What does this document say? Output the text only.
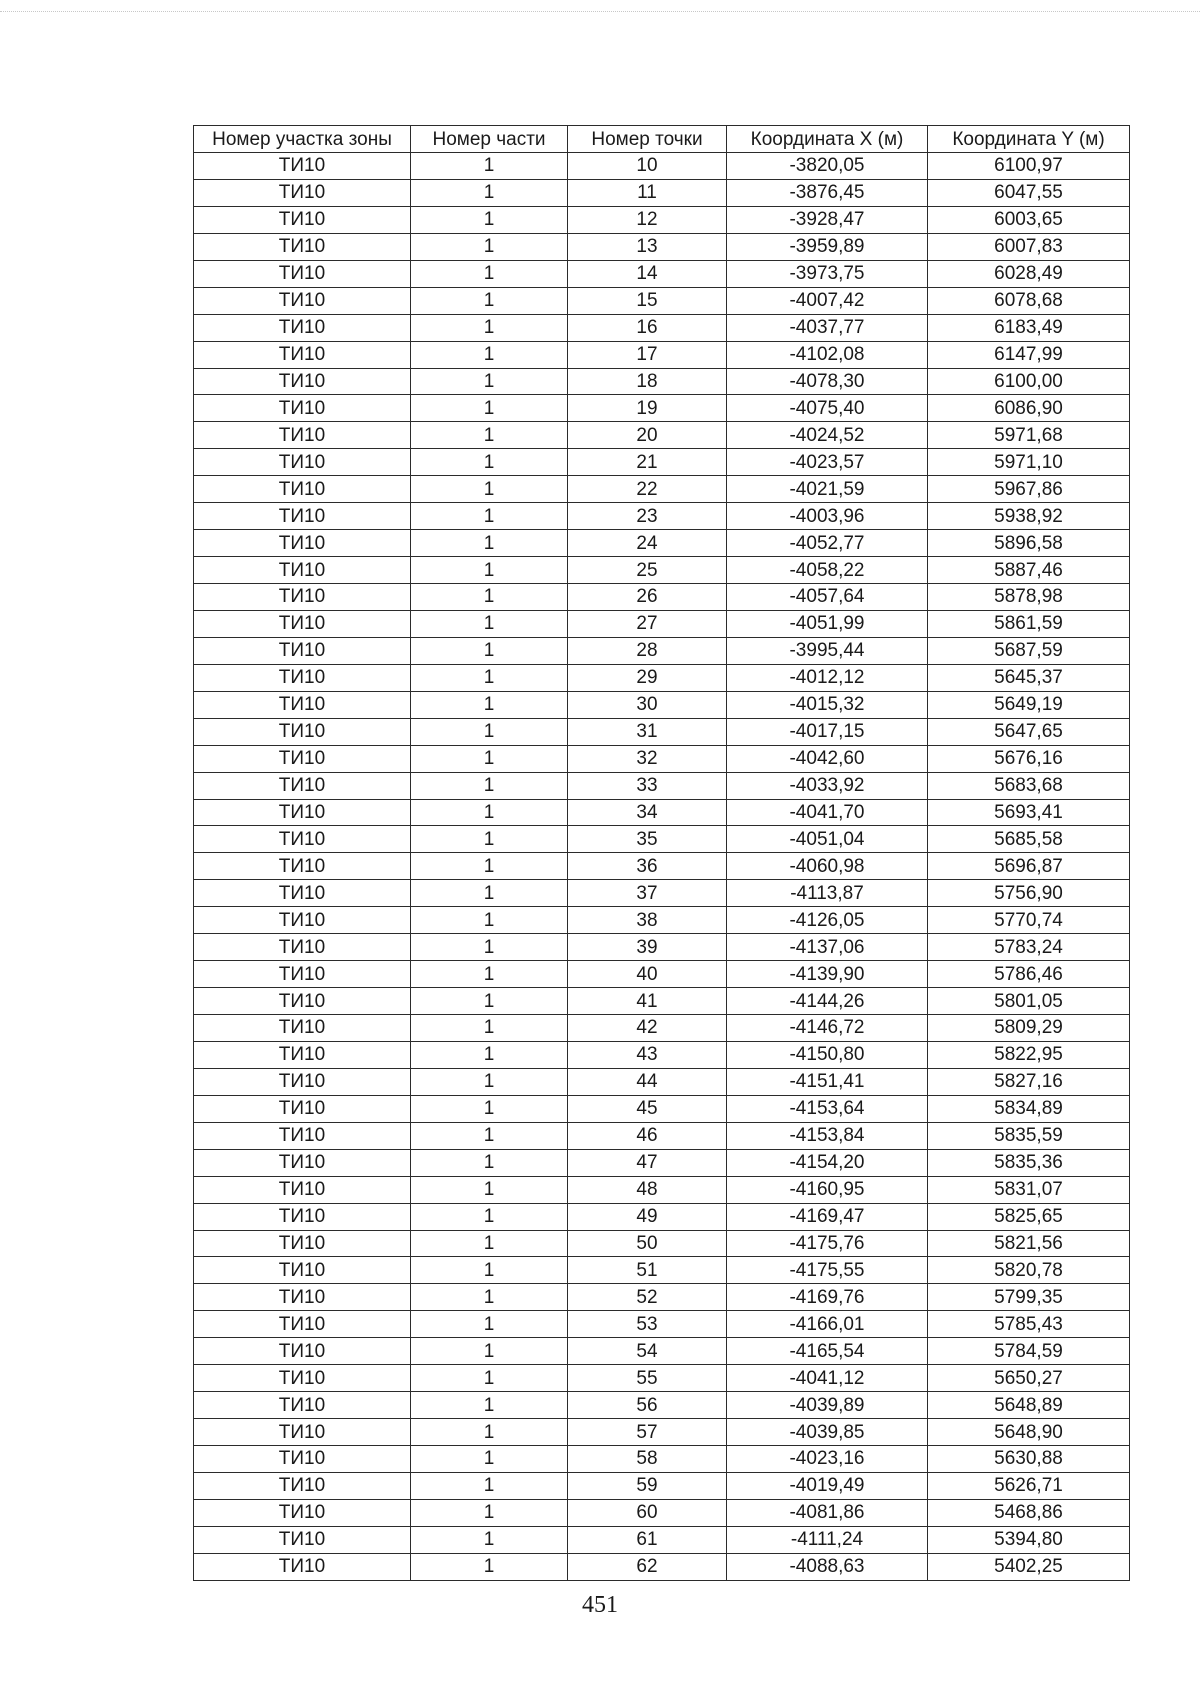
Номер участка зоны	Номер части	Номер точки	Координата X (м)	Координата Y (м)
ТИ10	1	10	-3820,05	6100,97
ТИ10	1	11	-3876,45	6047,55
ТИ10	1	12	-3928,47	6003,65
ТИ10	1	13	-3959,89	6007,83
ТИ10	1	14	-3973,75	6028,49
ТИ10	1	15	-4007,42	6078,68
ТИ10	1	16	-4037,77	6183,49
ТИ10	1	17	-4102,08	6147,99
ТИ10	1	18	-4078,30	6100,00
ТИ10	1	19	-4075,40	6086,90
ТИ10	1	20	-4024,52	5971,68
ТИ10	1	21	-4023,57	5971,10
ТИ10	1	22	-4021,59	5967,86
ТИ10	1	23	-4003,96	5938,92
ТИ10	1	24	-4052,77	5896,58
ТИ10	1	25	-4058,22	5887,46
ТИ10	1	26	-4057,64	5878,98
ТИ10	1	27	-4051,99	5861,59
ТИ10	1	28	-3995,44	5687,59
ТИ10	1	29	-4012,12	5645,37
ТИ10	1	30	-4015,32	5649,19
ТИ10	1	31	-4017,15	5647,65
ТИ10	1	32	-4042,60	5676,16
ТИ10	1	33	-4033,92	5683,68
ТИ10	1	34	-4041,70	5693,41
ТИ10	1	35	-4051,04	5685,58
ТИ10	1	36	-4060,98	5696,87
ТИ10	1	37	-4113,87	5756,90
ТИ10	1	38	-4126,05	5770,74
ТИ10	1	39	-4137,06	5783,24
ТИ10	1	40	-4139,90	5786,46
ТИ10	1	41	-4144,26	5801,05
ТИ10	1	42	-4146,72	5809,29
ТИ10	1	43	-4150,80	5822,95
ТИ10	1	44	-4151,41	5827,16
ТИ10	1	45	-4153,64	5834,89
ТИ10	1	46	-4153,84	5835,59
ТИ10	1	47	-4154,20	5835,36
ТИ10	1	48	-4160,95	5831,07
ТИ10	1	49	-4169,47	5825,65
ТИ10	1	50	-4175,76	5821,56
ТИ10	1	51	-4175,55	5820,78
ТИ10	1	52	-4169,76	5799,35
ТИ10	1	53	-4166,01	5785,43
ТИ10	1	54	-4165,54	5784,59
ТИ10	1	55	-4041,12	5650,27
ТИ10	1	56	-4039,89	5648,89
ТИ10	1	57	-4039,85	5648,90
ТИ10	1	58	-4023,16	5630,88
ТИ10	1	59	-4019,49	5626,71
ТИ10	1	60	-4081,86	5468,86
ТИ10	1	61	-4111,24	5394,80
ТИ10	1	62	-4088,63	5402,25
451
